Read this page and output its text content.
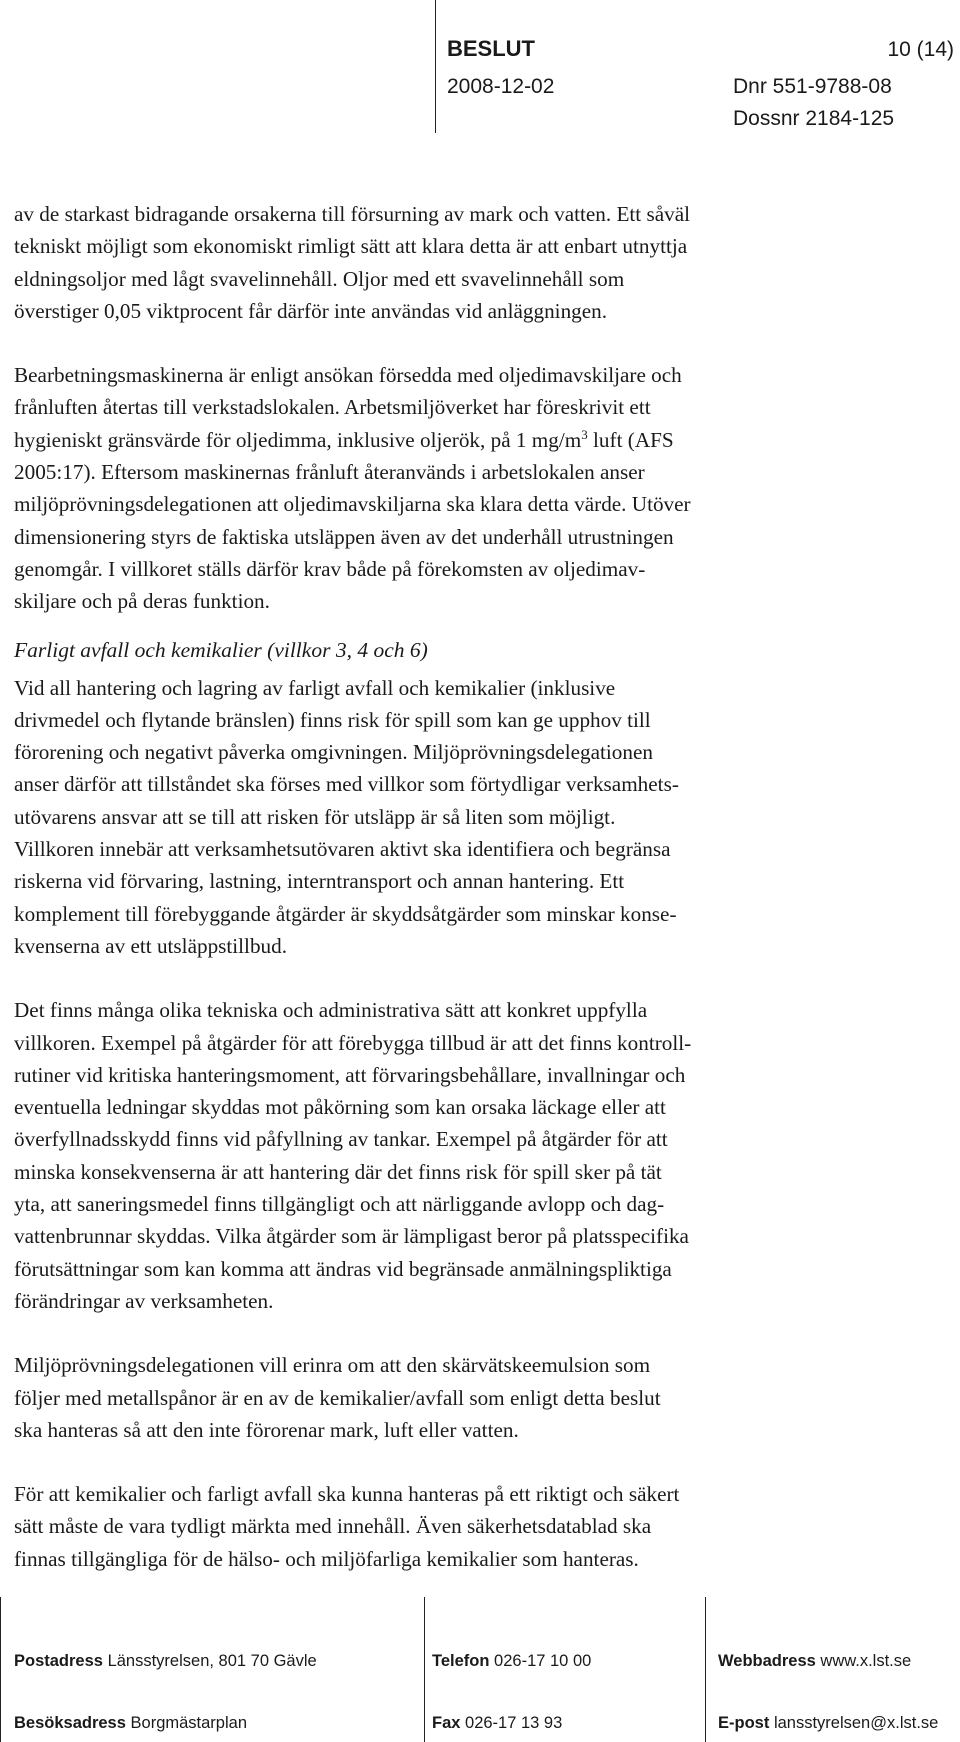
BESLUT	10 (14)
2008-12-02	Dnr 551-9788-08
Dossnr 2184-125

av de starkast bidragande orsakerna till försurning av mark och vatten. Ett såväl
tekniskt möjligt som ekonomiskt rimligt sätt att klara detta är att enbart utnyttja
eldningsoljor med lågt svavelinnehåll. Oljor med ett svavelinnehåll som
överstiger 0,05 viktprocent får därför inte användas vid anläggningen.

Bearbetningsmaskinerna är enligt ansökan försedda med oljedimavskiljare och
frånluften återtas till verkstadslokalen. Arbetsmiljöverket har föreskrivit ett
hygieniskt gränsvärde för oljedimma, inklusive oljerök, på 1 $mg/m^3$ luft (AFS
2005:17). Eftersom maskinernas frånluft återanvänds i arbetslokalen anser
miljöprövningsdelegationen att oljedimavskiljarna ska klara detta värde. Utöver
dimensionering styrs de faktiska utsläppen även av det underhåll utrustningen
genomgår. I villkoret ställs därför krav både på förekomsten av oljedimav-
skiljare och på deras funktion.

Farligt avfall och kemikalier (villkor 3, 4 och 6)

Vid all hantering och lagring av farligt avfall och kemikalier (inklusive
drivmedel och flytande bränslen) finns risk för spill som kan ge upphov till
förorening och negativt påverka omgivningen. Miljöprövningsdelegationen
anser därför att tillståndet ska förses med villkor som förtydligar verksamhets-
utövarens ansvar att se till att risken för utsläpp är så liten som möjligt.
Villkoren innebär att verksamhetsutövaren aktivt ska identifiera och begränsa
riskerna vid förvaring, lastning, interntransport och annan hantering. Ett
komplement till förebyggande åtgärder är skyddsåtgärder som minskar konse-
kvenserna av ett utsläppstillbud.

Det finns många olika tekniska och administrativa sätt att konkret uppfylla
villkoren. Exempel på åtgärder för att förebygga tillbud är att det finns kontroll-
rutiner vid kritiska hanteringsmoment, att förvaringsbehållare, invallningar och
eventuella ledningar skyddas mot påkörning som kan orsaka läckage eller att
överfyllnadsskydd finns vid påfyllning av tankar. Exempel på åtgärder för att
minska konsekvenserna är att hantering där det finns risk för spill sker på tät
yta, att saneringsmedel finns tillgängligt och att närliggande avlopp och dag-
vattenbrunnar skyddas. Vilka åtgärder som är lämpligast beror på platsspecifika
förutsättningar som kan komma att ändras vid begränsade anmälningspliktiga
förändringar av verksamheten.

Miljöprövningsdelegationen vill erinra om att den skärvätskeemulsion som
följer med metallspånor är en av de kemikalier/avfall som enligt detta beslut
ska hanteras så att den inte förorenar mark, luft eller vatten.

För att kemikalier och farligt avfall ska kunna hanteras på ett riktigt och säkert
sätt måste de vara tydligt märkta med innehåll. Även säkerhetsdatablad ska
finnas tillgängliga för de hälso- och miljöfarliga kemikalier som hanteras.

Postadress Länsstyrelsen, 801 70 Gävle
Besöksadress Borgmästarplan
Telefon 026-17 10 00
Fax 026-17 13 93
Webbadress www.x.lst.se
E-post lansstyrelsen@x.lst.se
